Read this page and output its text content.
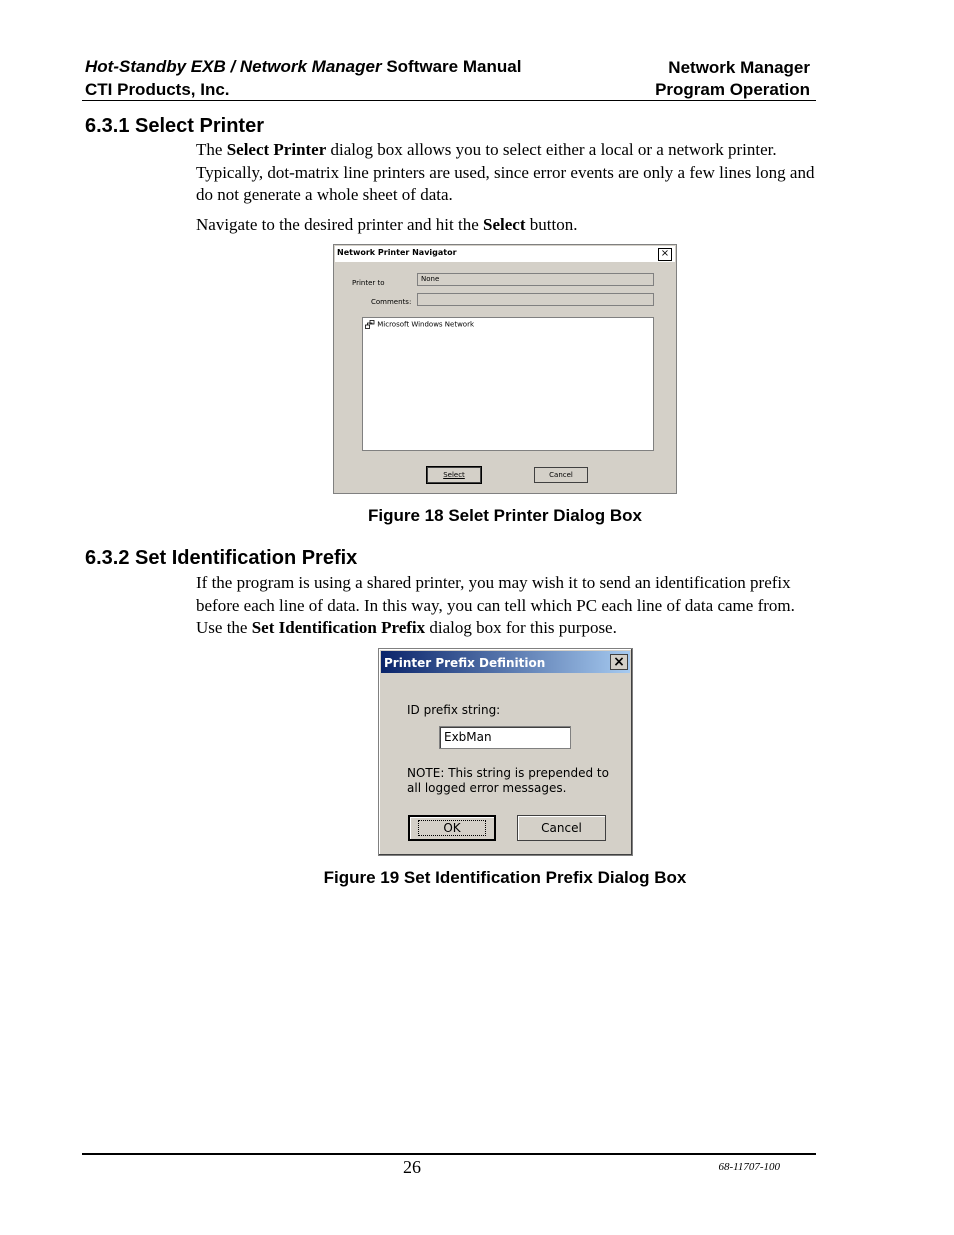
Hot-Standby EXB / Network Manager Software Manual
CTI Products, Inc.
Network Manager
Program Operation
6.3.1 Select Printer
The Select Printer dialog box allows you to select either a local or a network printer. Typically, dot-matrix line printers are used, since error events are only a few lines long and do not generate a whole sheet of data.
Navigate to the desired printer and hit the Select button.
Network Printer Navigator	×
Printer to	None
Comments:
Microsoft Windows Network
Select	Cancel
Figure 18 Selet Printer Dialog Box
6.3.2 Set Identification Prefix
If the program is using a shared printer, you may wish it to send an identification prefix before each line of data. In this way, you can tell which PC each line of data came from. Use the Set Identification Prefix dialog box for this purpose.
Printer Prefix Definition	×
ID prefix string:
ExbMan
NOTE: This string is prepended to all logged error messages.
OK	Cancel
Figure 19 Set Identification Prefix Dialog Box
26	68-11707-100
